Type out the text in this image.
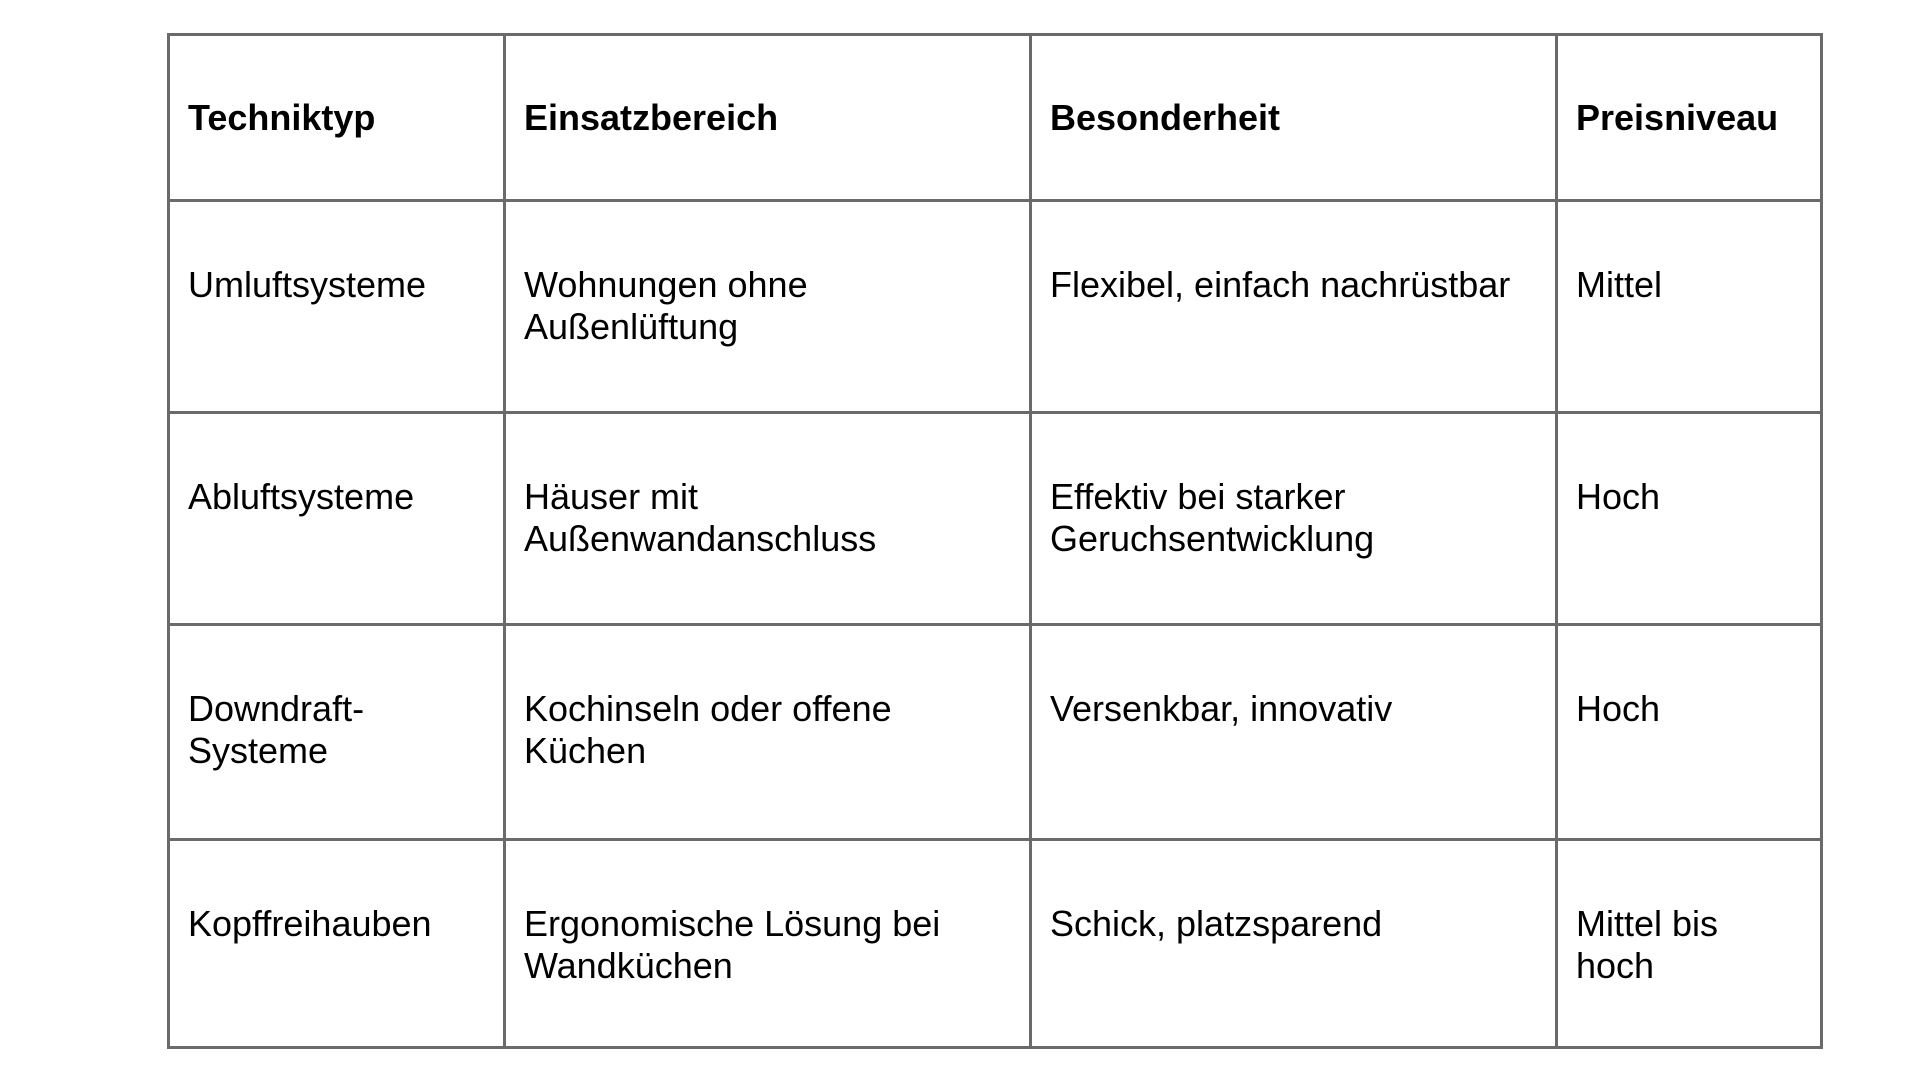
Techniktyp	Einsatzbereich	Besonderheit	Preisniveau

Umluftsysteme	Wohnungen ohne Außenlüftung	Flexibel, einfach nachrüstbar	Mittel

Abluftsysteme	Häuser mit Außenwandanschluss	Effektiv bei starker Geruchsentwicklung	Hoch

Downdraft-Systeme	Kochinseln oder offene Küchen	Versenkbar, innovativ	Hoch

Kopffreihauben	Ergonomische Lösung bei Wandküchen	Schick, platzsparend	Mittel bis hoch
